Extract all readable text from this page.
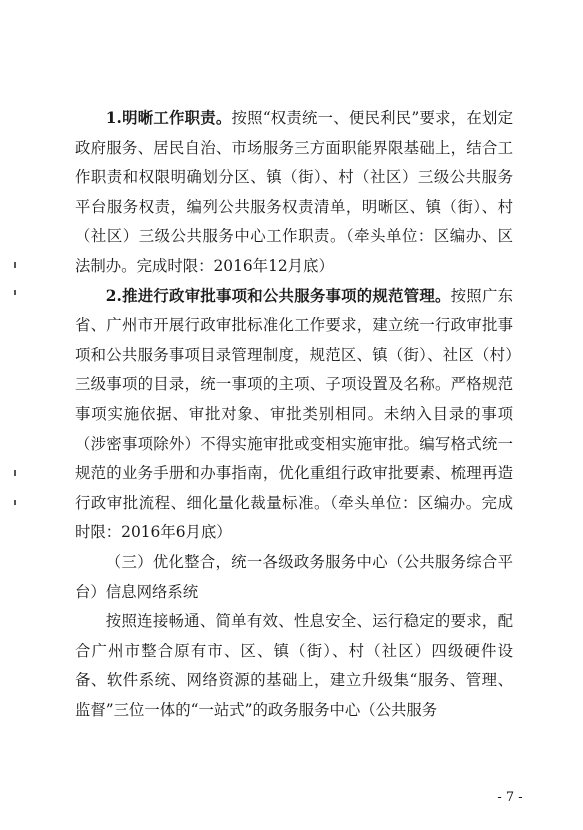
1.明晰工作职责。按照“权责统一、便民利民”要求，在划定政府服务、居民自治、市场服务三方面职能界限基础上，结合工作职责和权限明确划分区、镇（街）、村（社区）三级公共服务平台服务权责，编列公共服务权责清单，明晰区、镇（街）、村（社区）三级公共服务中心工作职责。（牵头单位：区编办、区法制办。完成时限：2016年12月底）

2.推进行政审批事项和公共服务事项的规范管理。按照广东省、广州市开展行政审批标准化工作要求，建立统一行政审批事项和公共服务事项目录管理制度，规范区、镇（街）、社区（村）三级事项的目录，统一事项的主项、子项设置及名称。严格规范事项实施依据、审批对象、审批类别相同。未纳入目录的事项（涉密事项除外）不得实施审批或变相实施审批。编写格式统一规范的业务手册和办事指南，优化重组行政审批要素、梳理再造行政审批流程、细化量化裁量标准。（牵头单位：区编办。完成时限：2016年6月底）

（三）优化整合，统一各级政务服务中心（公共服务综合平台）信息网络系统

按照连接畅通、简单有效、性息安全、运行稳定的要求，配合广州市整合原有市、区、镇（街）、村（社区）四级硬件设备、软件系统、网络资源的基础上，建立升级集“服务、管理、监督”三位一体的“一站式”的政务服务中心（公共服务

- 7 -
